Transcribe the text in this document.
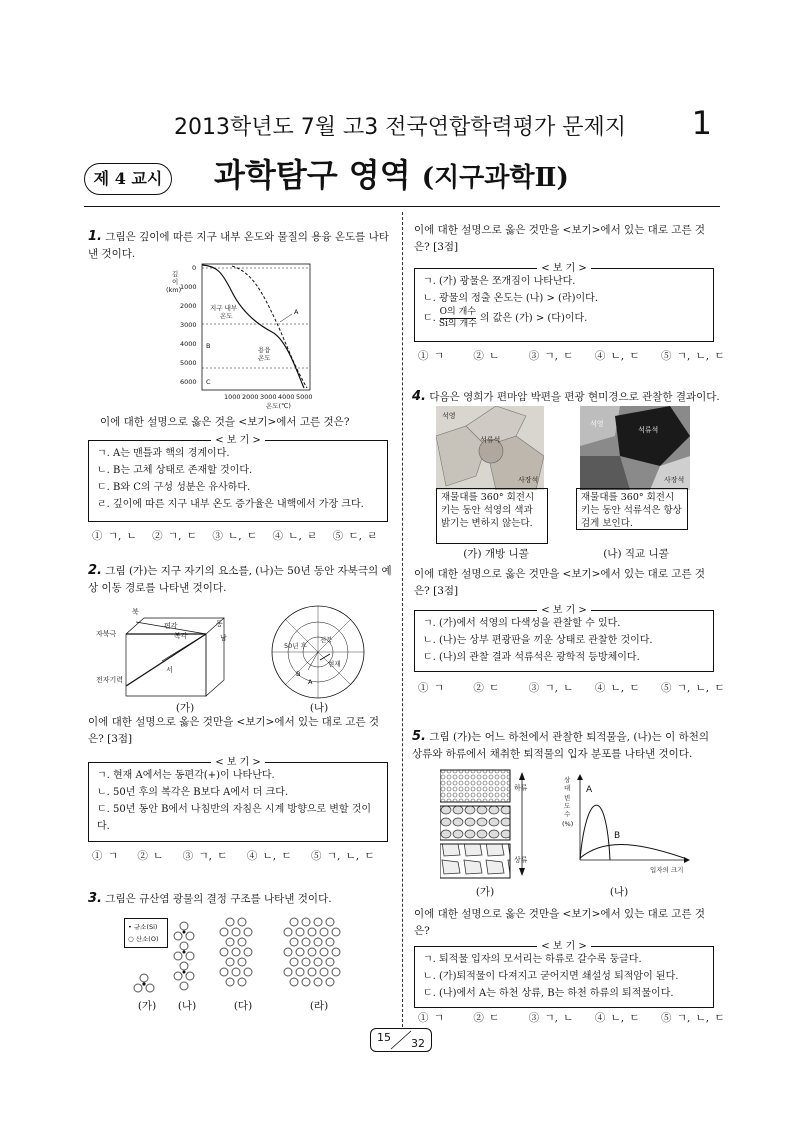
2013학년도 7월 고3 전국연합학력평가 문제지	1
제 4 교시	과학탐구 영역 (지구과학Ⅱ)
1. 그림은 깊이에 따른 지구 내부 온도와 물질의 용융 온도를 나타낸 것이다.
깊
이
(km)
0
1000
2000
3000
4000
5000
6000
1000 2000 3000 4000 5000
온도(℃)
지구 내부
온도
용융
온도
A
B
C
이에 대한 설명으로 옳은 것을 <보기>에서 고른 것은?
< 보 기 >
ㄱ. A는 맨틀과 핵의 경계이다.
ㄴ. B는 고체 상태로 존재할 것이다.
ㄷ. B와 C의 구성 성분은 유사하다.
ㄹ. 깊이에 따른 지구 내부 온도 증가율은 내핵에서 가장 크다.
① ㄱ, ㄴ ② ㄱ, ㄷ ③ ㄴ, ㄷ ④ ㄴ, ㄹ ⑤ ㄷ, ㄹ
2. 그림 (가)는 지구 자기의 요소를, (나)는 50년 동안 자북극의 예상 이동 경로를 나타낸 것이다.
북
동
남
서
자북극
편각
복각
전자기력
50년 후
진북
현재
B
A
(가)	(나)
이에 대한 설명으로 옳은 것만을 <보기>에서 있는 대로 고른 것은? [3점]
< 보 기 >
ㄱ. 현재 A에서는 동편각(+)이 나타난다.
ㄴ. 50년 후의 복각은 B보다 A에서 더 크다.
ㄷ. 50년 동안 B에서 나침반의 자침은 시계 방향으로 변할 것이다.
① ㄱ ② ㄴ ③ ㄱ, ㄷ ④ ㄴ, ㄷ ⑤ ㄱ, ㄴ, ㄷ
3. 그림은 규산염 광물의 결정 구조를 나타낸 것이다.
• 규소(Si)
○ 산소(O)
(가)	(나)	(다)	(라)
이에 대한 설명으로 옳은 것만을 <보기>에서 있는 대로 고른 것은? [3점]
< 보 기 >
ㄱ. (가) 광물은 쪼개짐이 나타난다.
ㄴ. 광물의 정출 온도는 (나) > (라)이다.
ㄷ.
O의 개수
Si의 개수 의 값은 (가) > (다)이다.
① ㄱ	② ㄴ	③ ㄱ, ㄷ ④ ㄴ, ㄷ ⑤ ㄱ, ㄴ, ㄷ
4. 다음은 영희가 편마암 박편을 편광 현미경으로 관찰한 결과이다.
석영
석류석
사장석
석영
석류석
사장석
재물대를 360° 회전시키는 동안 석영의 색과 밝기는 변하지 않는다.
재물대를 360° 회전시키는 동안 석류석은 항상 검게 보인다.
(가) 개방 니콜	(나) 직교 니콜
이에 대한 설명으로 옳은 것만을 <보기>에서 있는 대로 고른 것은? [3점]
< 보 기 >
ㄱ. (가)에서 석영의 다색성을 관찰할 수 있다.
ㄴ. (나)는 상부 편광판을 끼운 상태로 관찰한 것이다.
ㄷ. (나)의 관찰 결과 석류석은 광학적 등방체이다.
① ㄱ	② ㄷ	③ ㄱ, ㄴ ④ ㄴ, ㄷ ⑤ ㄱ, ㄴ, ㄷ
5. 그림 (가)는 어느 하천에서 관찰한 퇴적물을, (나)는 이 하천의 상류와 하류에서 채취한 퇴적물의 입자 분포를 나타낸 것이다.
하류
상류
상
대
빈
도
수
(%)
입자의 크기
A
B
(가)	(나)
이에 대한 설명으로 옳은 것만을 <보기>에서 있는 대로 고른 것은?
< 보 기 >
ㄱ. 퇴적물 입자의 모서리는 하류로 갈수록 둥글다.
ㄴ. (가)퇴적물이 다져지고 굳어지면 쇄설성 퇴적암이 된다.
ㄷ. (나)에서 A는 하천 상류, B는 하천 하류의 퇴적물이다.
① ㄱ	② ㄷ	③ ㄱ, ㄴ ④ ㄴ, ㄷ ⑤ ㄱ, ㄴ, ㄷ
15 32
